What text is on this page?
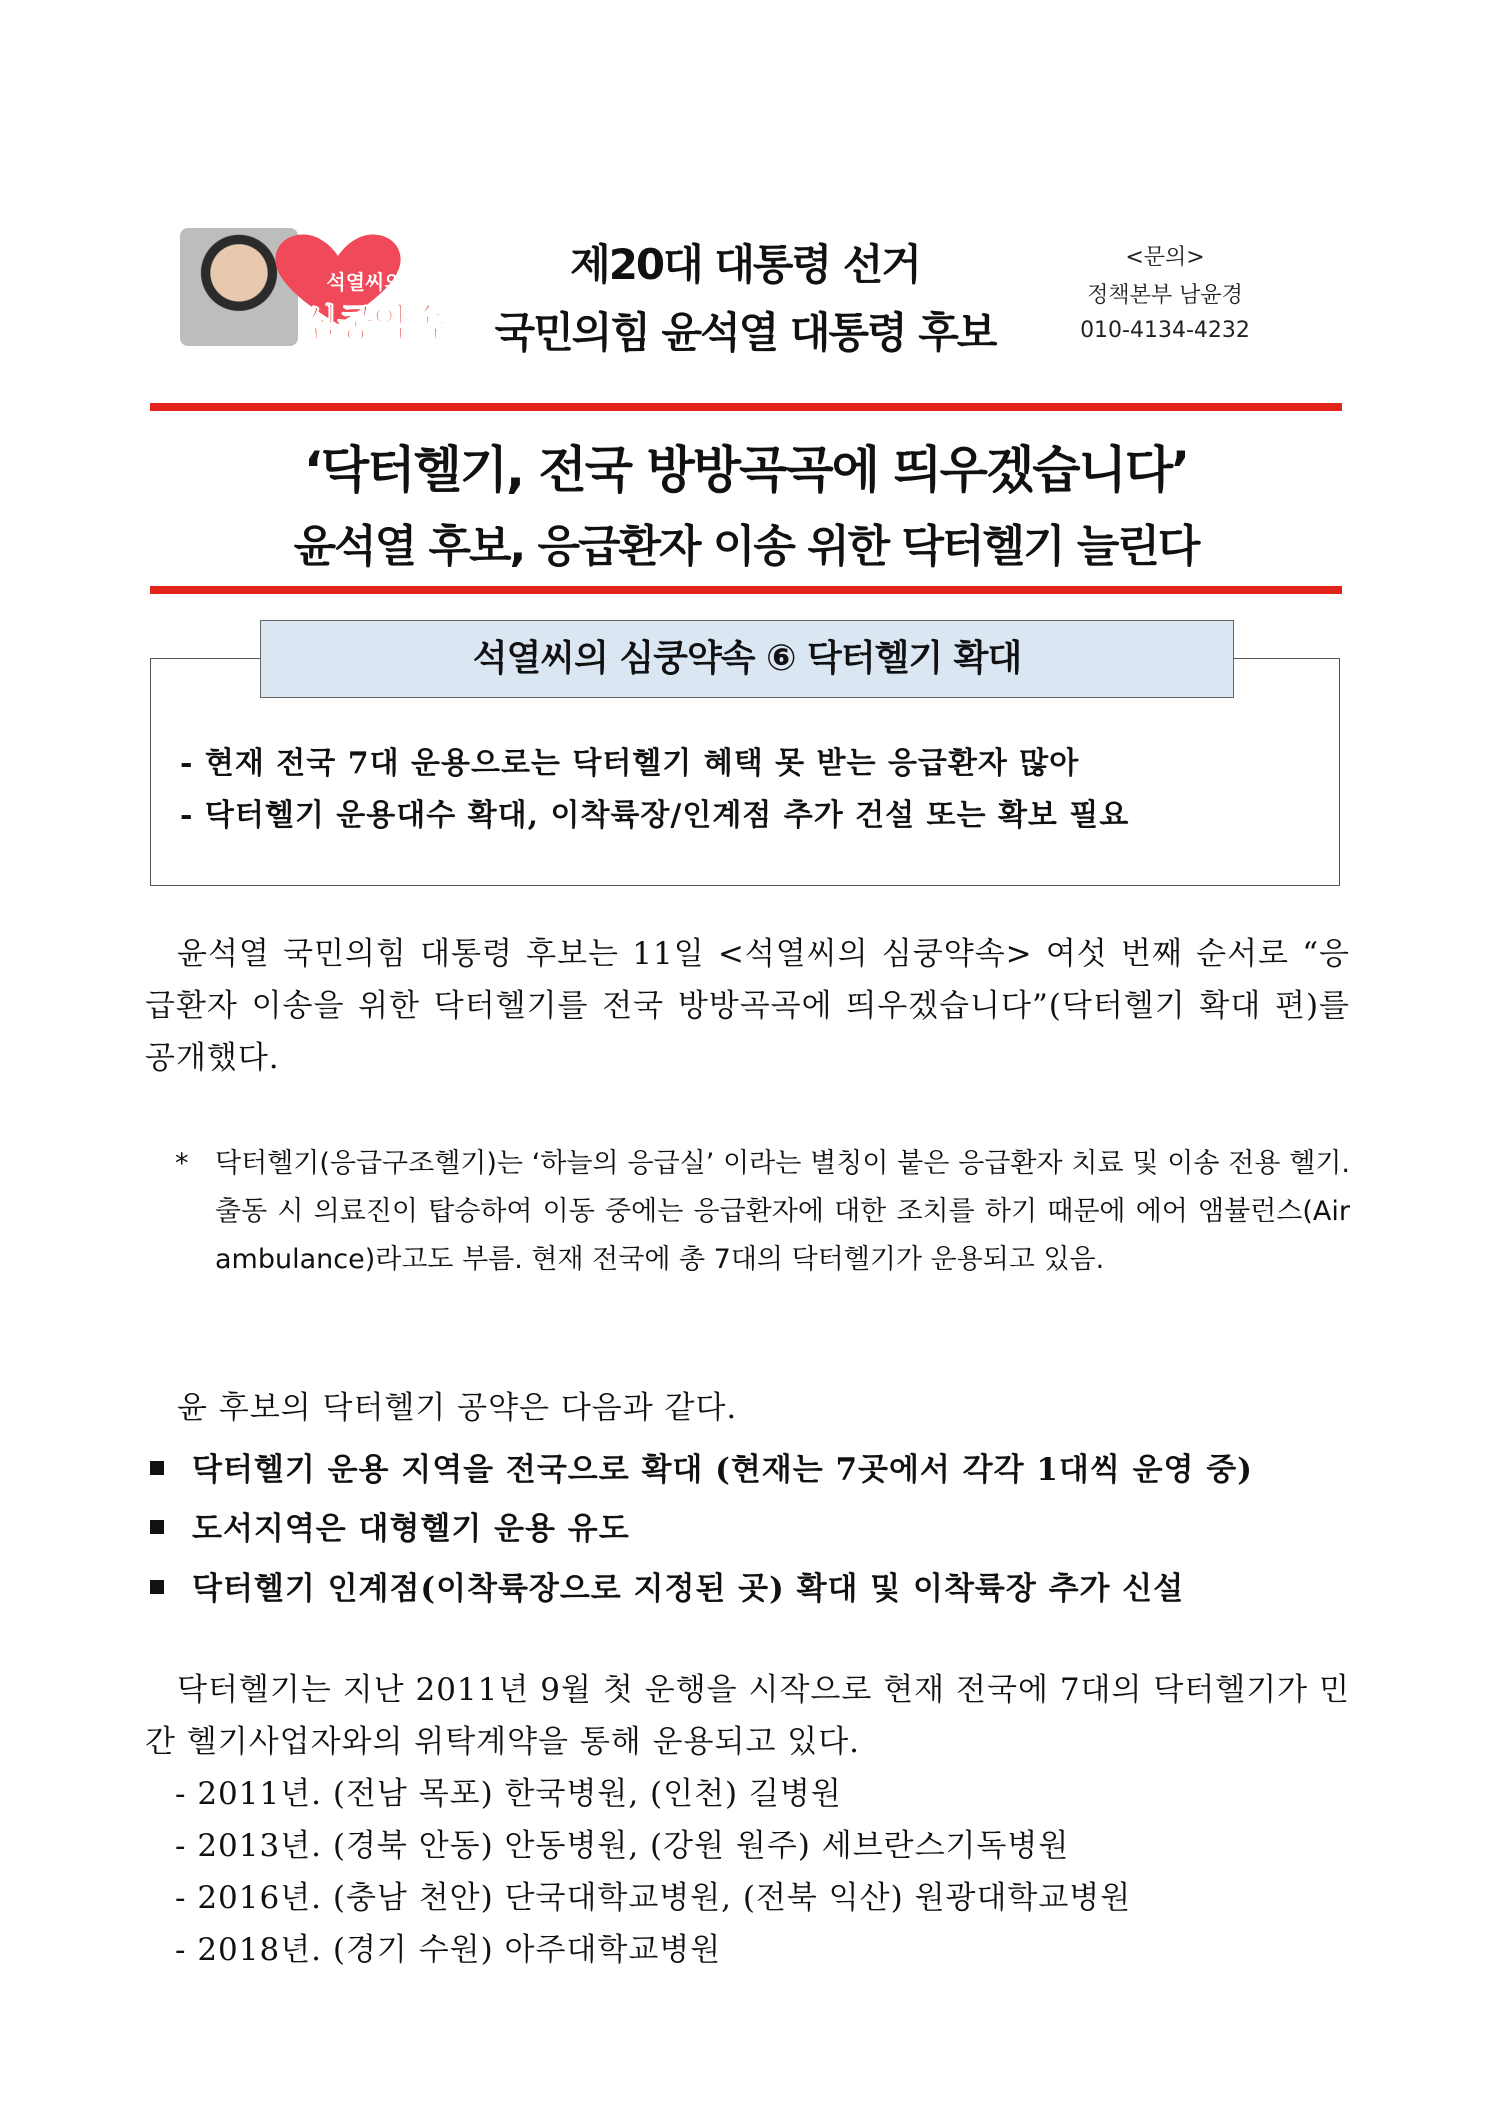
석열씨의
심쿵약속
제20대 대통령 선거
국민의힘 윤석열 대통령 후보
<문의>
정책본부 남윤경
010-4134-4232
‘닥터헬기, 전국 방방곡곡에 띄우겠습니다’
윤석열 후보, 응급환자 이송 위한 닥터헬기 늘린다
석열씨의 심쿵약속 ⑥ 닥터헬기 확대
- 현재 전국 7대 운용으로는 닥터헬기 혜택 못 받는 응급환자 많아
- 닥터헬기 운용대수 확대, 이착륙장/인계점 추가 건설 또는 확보 필요
윤석열 국민의힘 대통령 후보는 11일 <석열씨의 심쿵약속> 여섯 번째 순서로 “응급환자 이송을 위한 닥터헬기를 전국 방방곡곡에 띄우겠습니다”(닥터헬기 확대 편)를 공개했다.
* 닥터헬기(응급구조헬기)는 ‘하늘의 응급실’ 이라는 별칭이 붙은 응급환자 치료 및 이송 전용 헬기. 출동 시 의료진이 탑승하여 이동 중에는 응급환자에 대한 조치를 하기 때문에 에어 앰뷸런스(Air ambulance)라고도 부름. 현재 전국에 총 7대의 닥터헬기가 운용되고 있음.
윤 후보의 닥터헬기 공약은 다음과 같다.
닥터헬기 운용 지역을 전국으로 확대 (현재는 7곳에서 각각 1대씩 운영 중)
도서지역은 대형헬기 운용 유도
닥터헬기 인계점(이착륙장으로 지정된 곳) 확대 및 이착륙장 추가 신설
닥터헬기는 지난 2011년 9월 첫 운행을 시작으로 현재 전국에 7대의 닥터헬기가 민간 헬기사업자와의 위탁계약을 통해 운용되고 있다.
- 2011년. (전남 목포) 한국병원, (인천) 길병원
- 2013년. (경북 안동) 안동병원, (강원 원주) 세브란스기독병원
- 2016년. (충남 천안) 단국대학교병원, (전북 익산) 원광대학교병원
- 2018년. (경기 수원) 아주대학교병원
